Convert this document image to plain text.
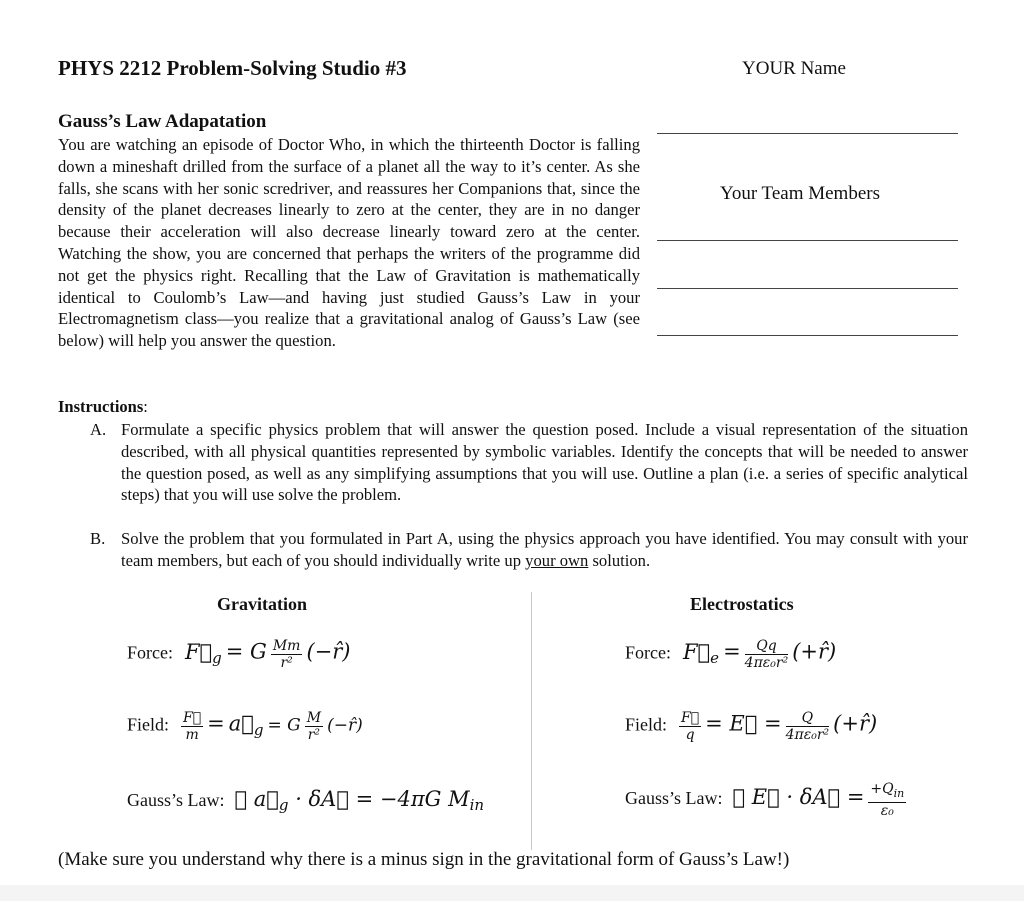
PHYS 2212 Problem-Solving Studio #3	YOUR Name
Your Team Members
Gauss’s Law Adapatation
You are watching an episode of Doctor Who, in which the thirteenth Doctor is falling down a mineshaft drilled from the surface of a planet all the way to it’s center. As she falls, she scans with her sonic scredriver, and reassures her Companions that, since the density of the planet decreases linearly to zero at the center, they are in no danger because their acceleration will also decrease linearly toward zero at the center. Watching the show, you are concerned that perhaps the writers of the programme did not get the physics right. Recalling that the Law of Gravitation is mathematically identical to Coulomb’s Law—and having just studied Gauss’s Law in your Electromagnetism class—you realize that a gravitational analog of Gauss’s Law (see below) will help you answer the question.
Instructions:
A. Formulate a specific physics problem that will answer the question posed. Include a visual representation of the situation described, with all physical quantities represented by symbolic variables. Identify the concepts that will be needed to answer the question posed, as well as any simplifying assumptions that you will use. Outline a plan (i.e. a series of specific analytical steps) that you will use solve the problem.
B. Solve the problem that you formulated in Part A, using the physics approach you have identified. You may consult with your team members, but each of you should individually write up your own solution.
Gravitation	Electrostatics
Force: $F⃗_g = G \frac{Mm}{\text{r²}}$ (−r̂)
Field: $\frac{F⃗}{m}$ = $a⃗_g = G \frac{M}{\text{r²}}$ (−r̂)
Gauss’s Law: ∮ $a⃗_g$ · δA⃗ = −4πG $M_{in}$
Force: $F⃗_e = \frac{Qq}{\text{4πε₀r²}}$ (+r̂)
Field: $\frac{F⃗}{q}$ = E⃗ = $\frac{Q}{\text{4πε₀r²}}$ (+r̂)
Gauss’s Law: ∮ E⃗ · δA⃗ = $\frac{+Q_{in}}{\text{ε₀}}$
(Make sure you understand why there is a minus sign in the gravitational form of Gauss’s Law!)
